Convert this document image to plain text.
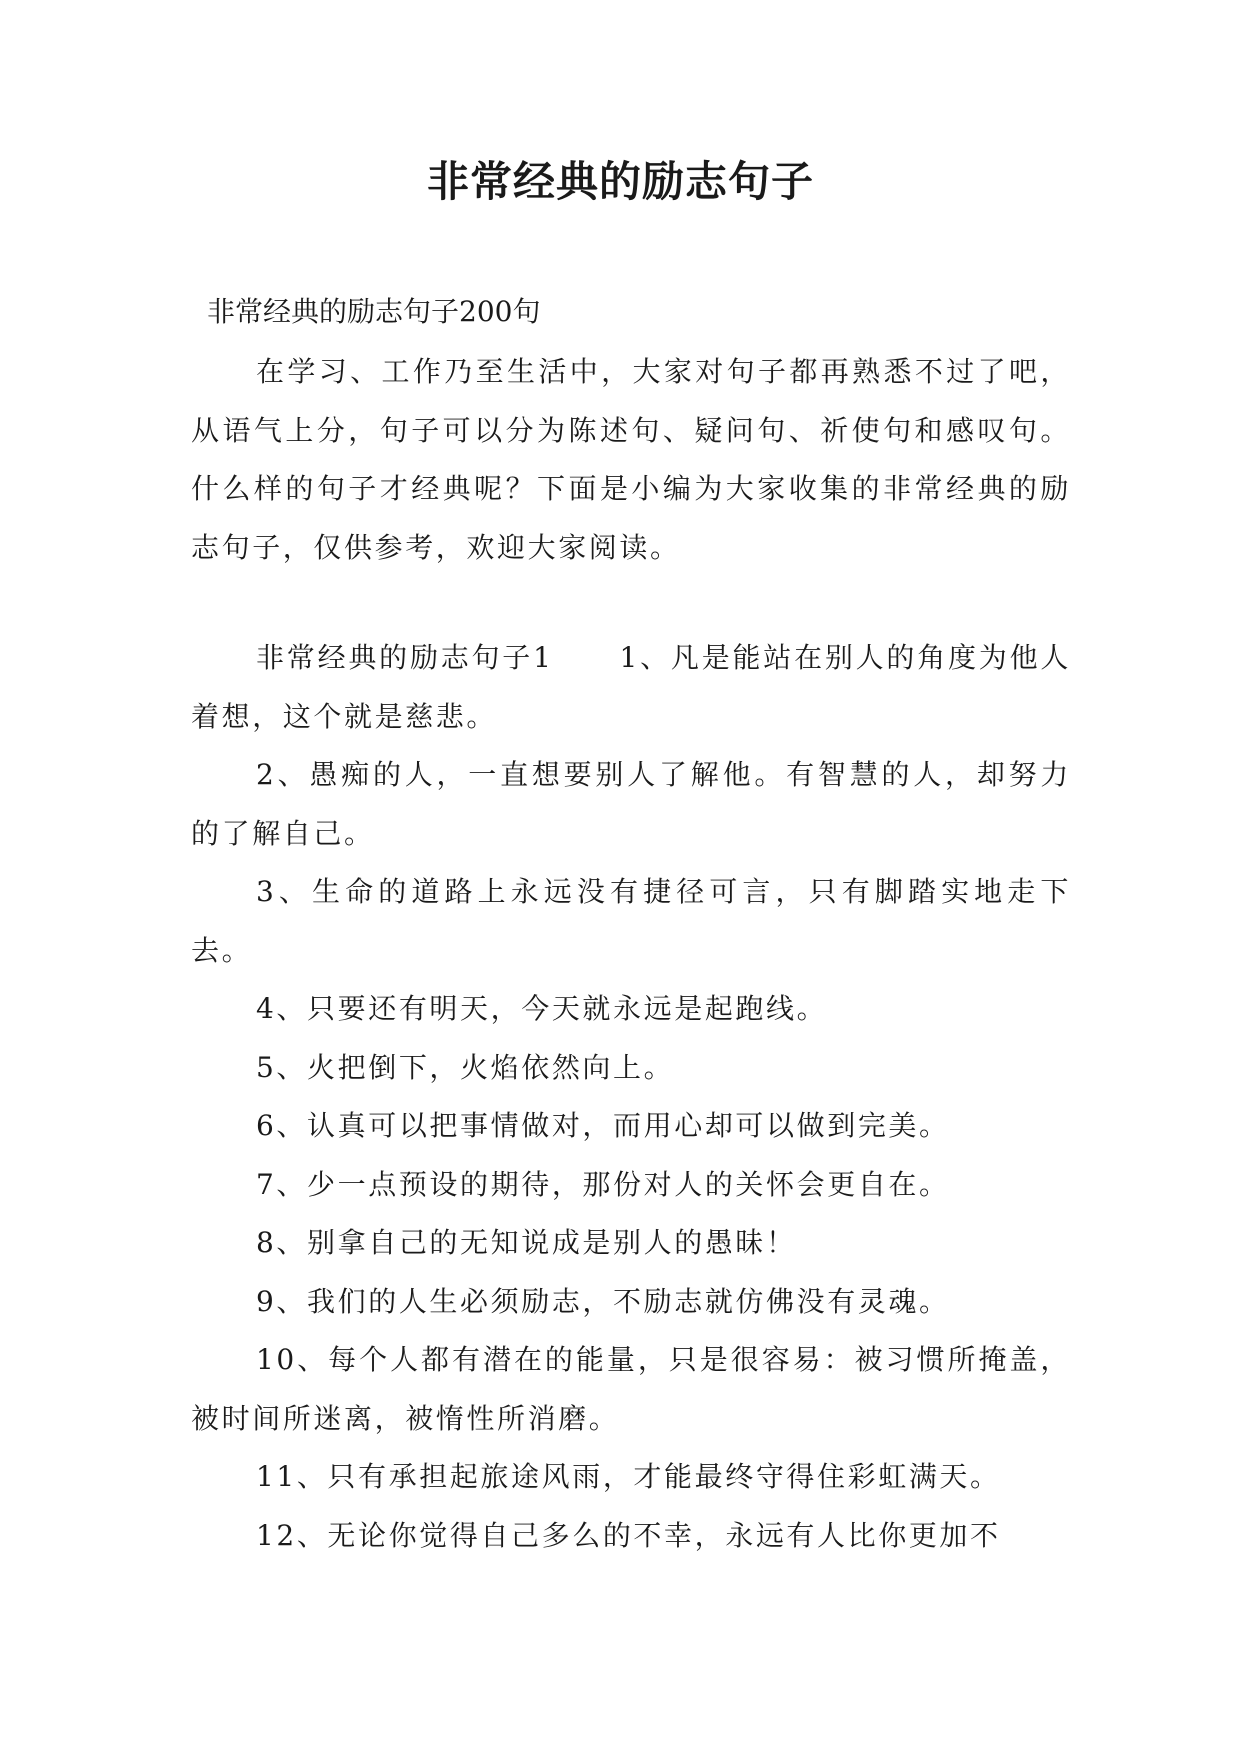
非常经典的励志句子
非常经典的励志句子200句
在学习、工作乃至生活中，大家对句子都再熟悉不过了吧，从语气上分，句子可以分为陈述句、疑问句、祈使句和感叹句。什么样的句子才经典呢？下面是小编为大家收集的非常经典的励志句子，仅供参考，欢迎大家阅读。
非常经典的励志句子1 1、凡是能站在别人的角度为他人着想，这个就是慈悲。
2、愚痴的人，一直想要别人了解他。有智慧的人，却努力的了解自己。
3、生命的道路上永远没有捷径可言，只有脚踏实地走下去。
4、只要还有明天，今天就永远是起跑线。
5、火把倒下，火焰依然向上。
6、认真可以把事情做对，而用心却可以做到完美。
7、少一点预设的期待，那份对人的关怀会更自在。
8、别拿自己的无知说成是别人的愚昧！
9、我们的人生必须励志，不励志就仿佛没有灵魂。
10、每个人都有潜在的能量，只是很容易：被习惯所掩盖，被时间所迷离，被惰性所消磨。
11、只有承担起旅途风雨，才能最终守得住彩虹满天。
12、无论你觉得自己多么的不幸，永远有人比你更加不
